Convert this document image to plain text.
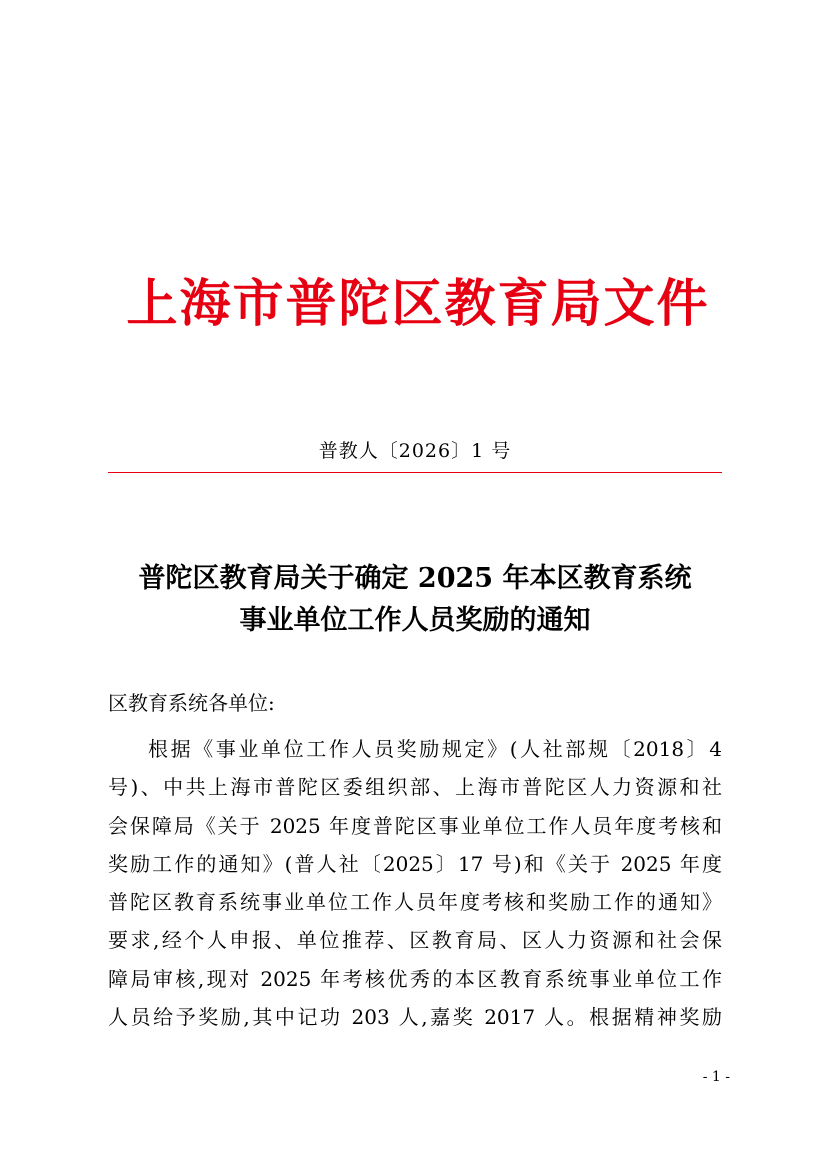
上海市普陀区教育局文件
普教人〔2026〕1 号
普陀区教育局关于确定 2025 年本区教育系统
事业单位工作人员奖励的通知
区教育系统各单位:
根据《事业单位工作人员奖励规定》(人社部规〔2018〕4
号)、中共上海市普陀区委组织部、上海市普陀区人力资源和社
会保障局《关于 2025 年度普陀区事业单位工作人员年度考核和
奖励工作的通知》(普人社〔2025〕17 号)和《关于 2025 年度
普陀区教育系统事业单位工作人员年度考核和奖励工作的通知》
要求,经个人申报、单位推荐、区教育局、区人力资源和社会保
障局审核,现对 2025 年考核优秀的本区教育系统事业单位工作
人员给予奖励,其中记功 203 人,嘉奖 2017 人。根据精神奖励
- 1 -
